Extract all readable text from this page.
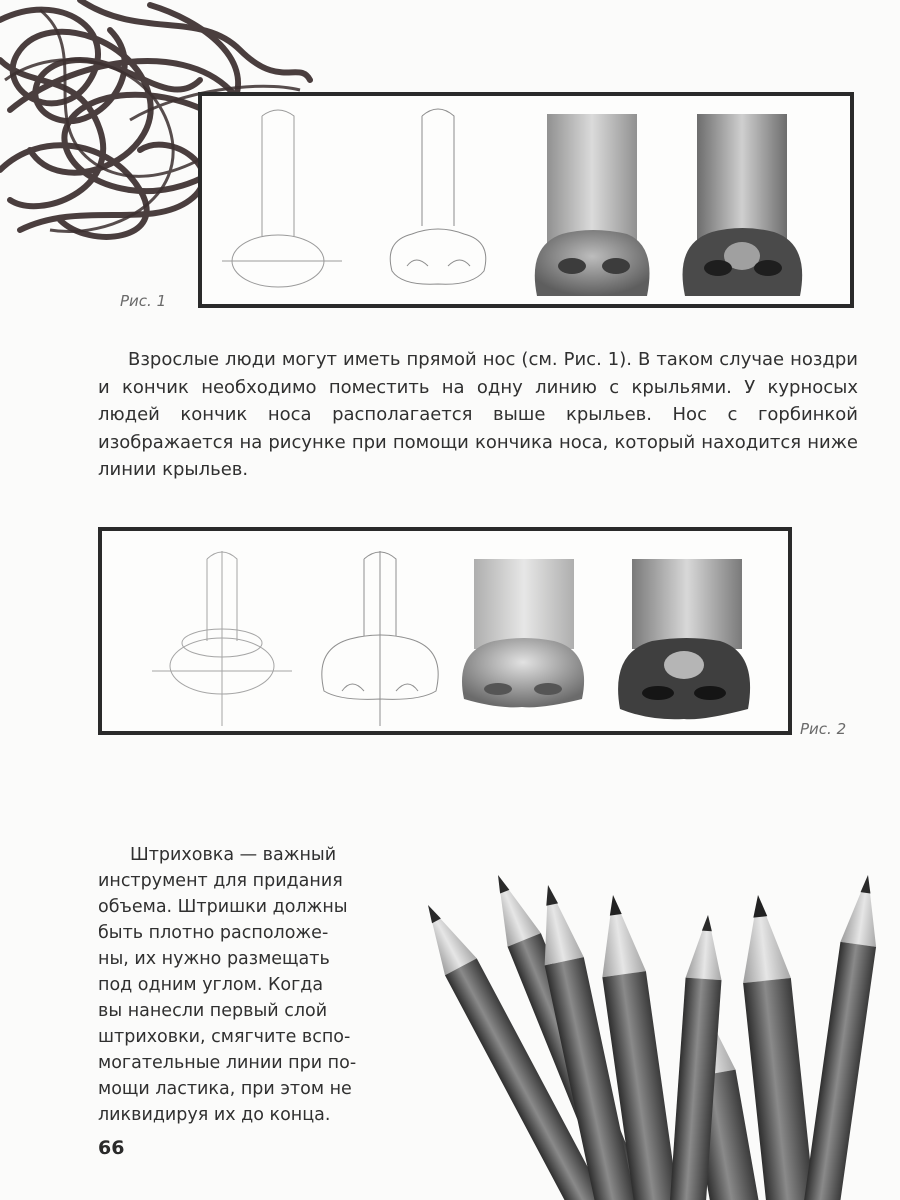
Рис. 1

Взрослые люди могут иметь прямой нос (см. Рис. 1). В таком случае ноздри и кончик необходимо поместить на одну линию с крыльями. У курносых людей кончик носа располагается выше крыльев. Нос с горбинкой изображается на рисунке при помощи кончика носа, который находится ниже линии крыльев.

Рис. 2
Штриховка — важный
инструмент для придания
объема. Штришки должны
быть плотно расположе-
ны, их нужно размещать
под одним углом. Когда
вы нанесли первый слой
штриховки, смягчите вспо-
могательные линии при по-
мощи ластика, при этом не
ликвидируя их до конца.
66
